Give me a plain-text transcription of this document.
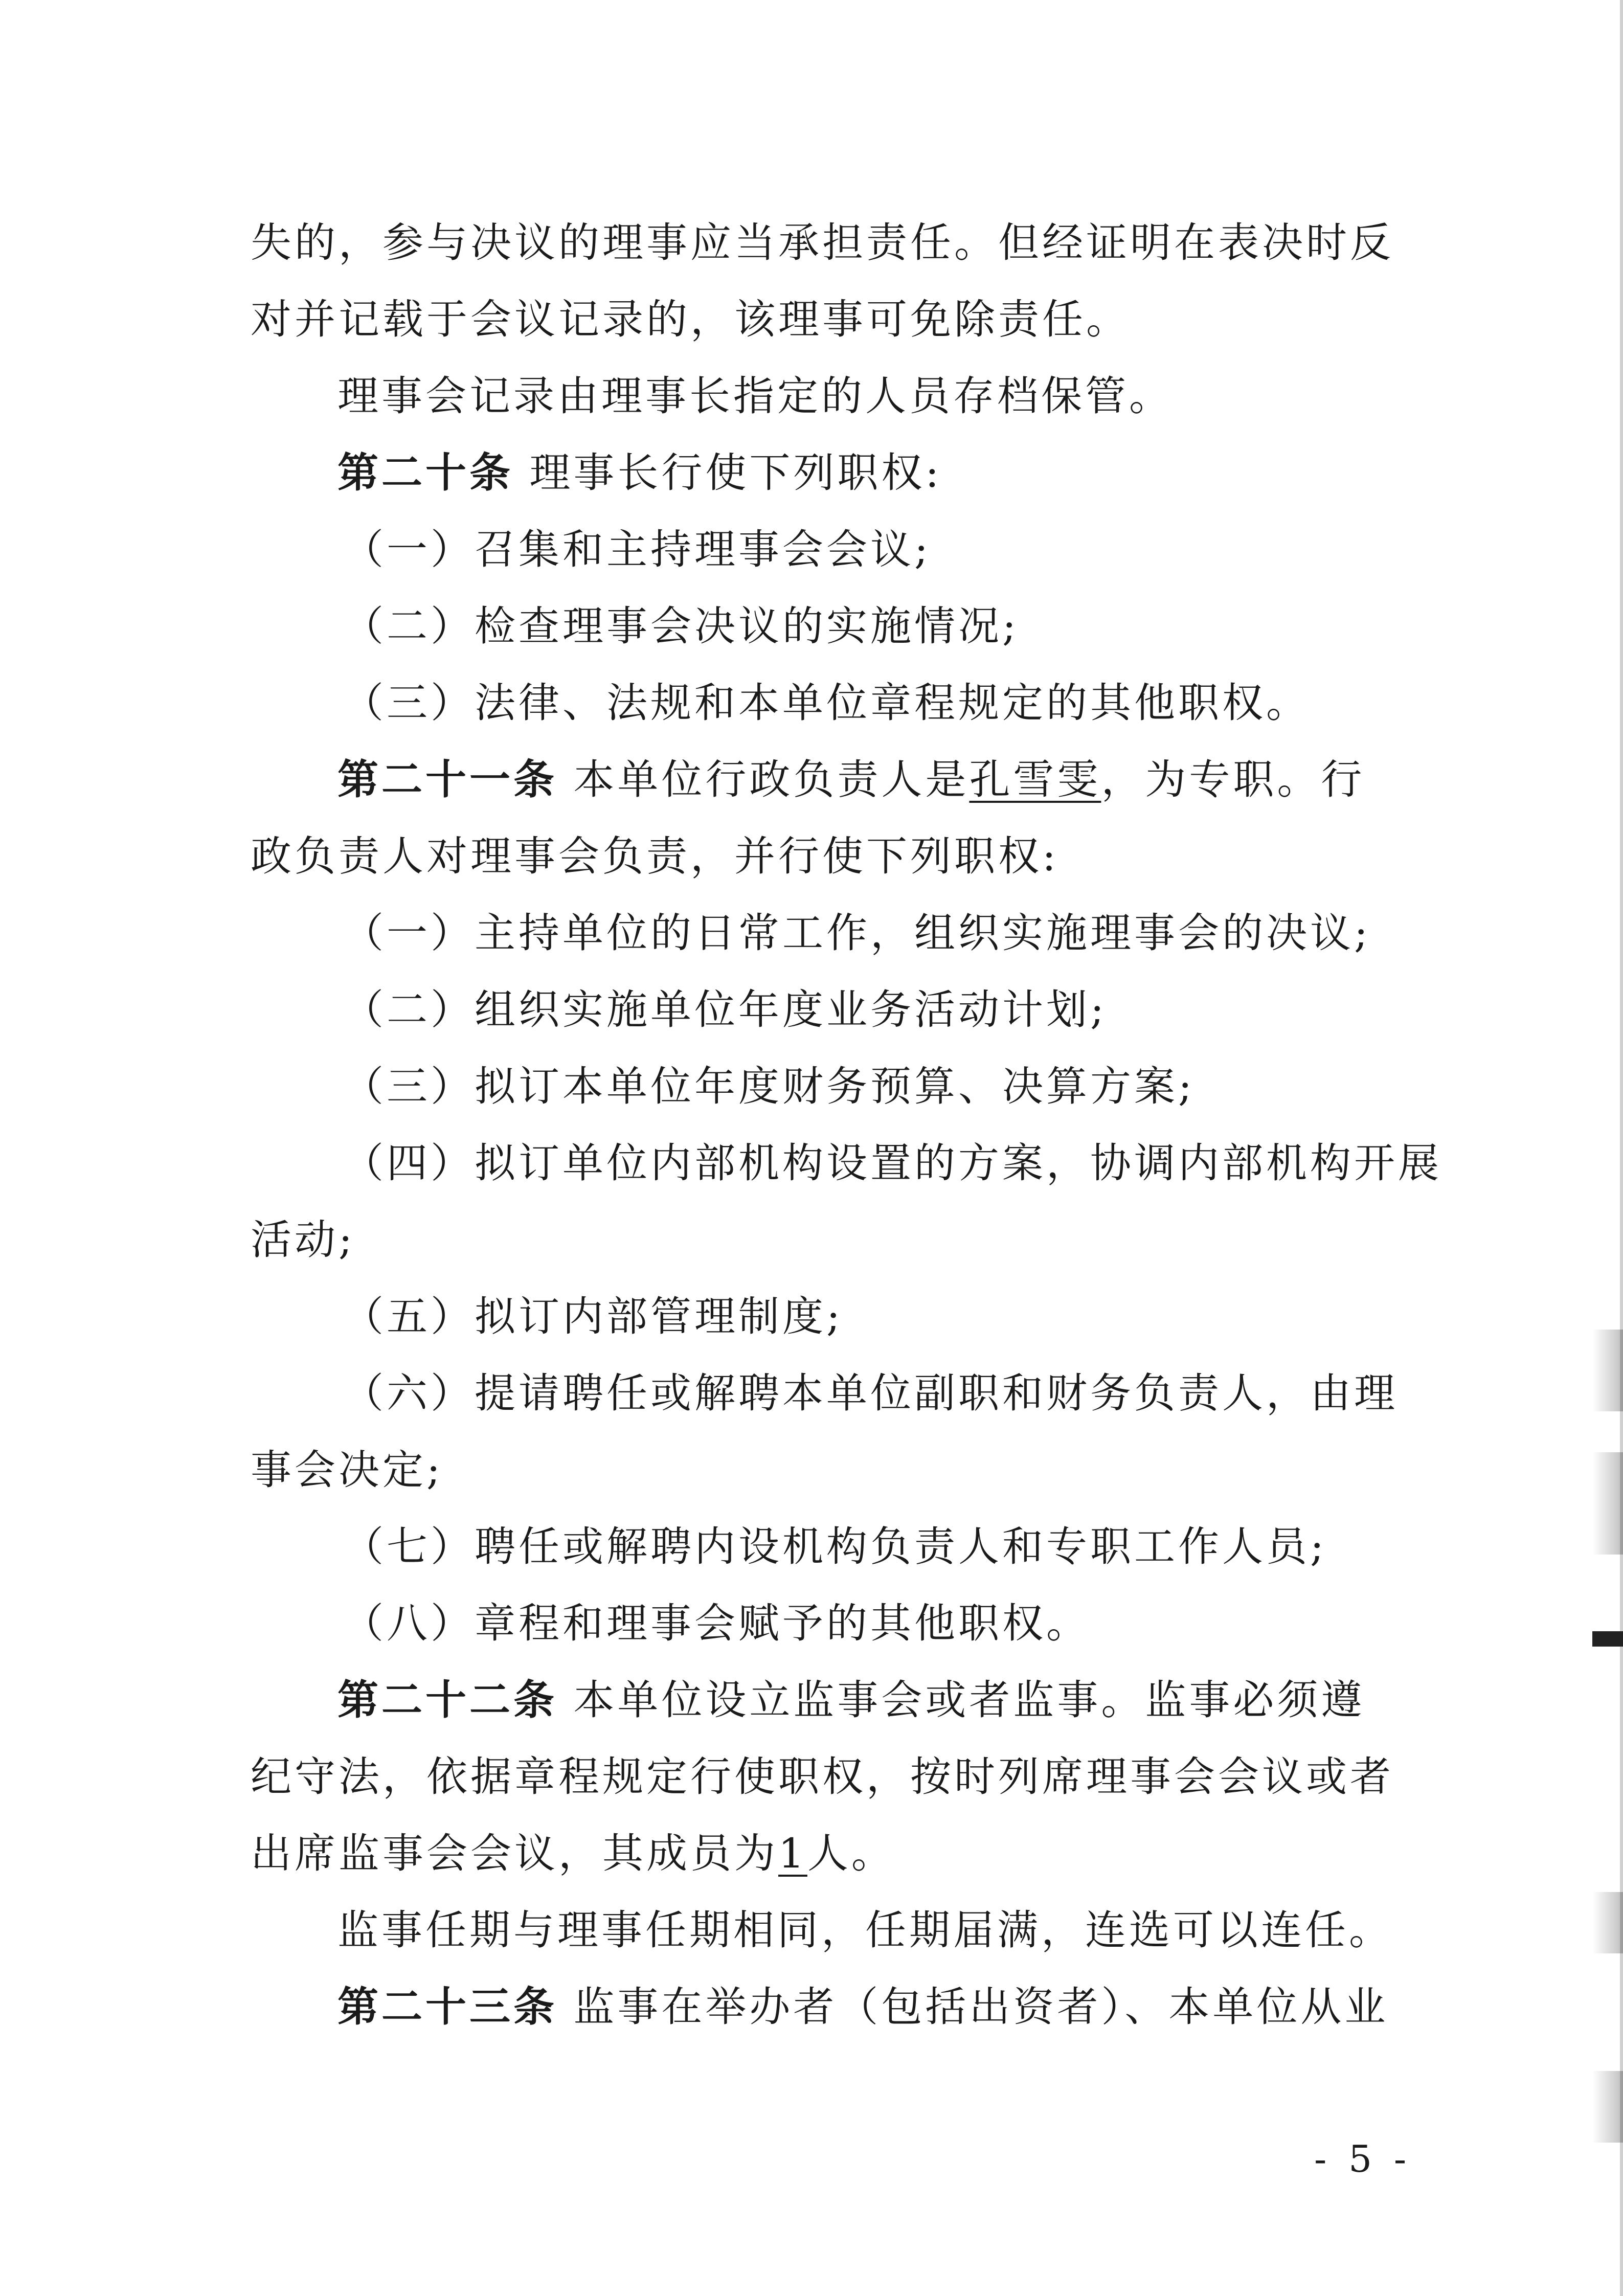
失的，参与决议的理事应当承担责任。但经证明在表决时反
对并记载于会议记录的，该理事可免除责任。
理事会记录由理事长指定的人员存档保管。
第二十条 理事长行使下列职权:
（一）召集和主持理事会会议;
（二）检查理事会决议的实施情况;
（三）法律、法规和本单位章程规定的其他职权。
第二十一条 本单位行政负责人是孔雪雯，为专职。行
政负责人对理事会负责，并行使下列职权:
（一）主持单位的日常工作，组织实施理事会的决议;
（二）组织实施单位年度业务活动计划;
（三）拟订本单位年度财务预算、决算方案;
（四）拟订单位内部机构设置的方案，协调内部机构开展
活动;
（五）拟订内部管理制度;
（六）提请聘任或解聘本单位副职和财务负责人，由理
事会决定;
（七）聘任或解聘内设机构负责人和专职工作人员;
（八）章程和理事会赋予的其他职权。
第二十二条 本单位设立监事会或者监事。监事必须遵
纪守法，依据章程规定行使职权，按时列席理事会会议或者
出席监事会会议，其成员为1人。
监事任期与理事任期相同，任期届满，连选可以连任。
第二十三条 监事在举办者（包括出资者）、本单位从业
- 5 -
